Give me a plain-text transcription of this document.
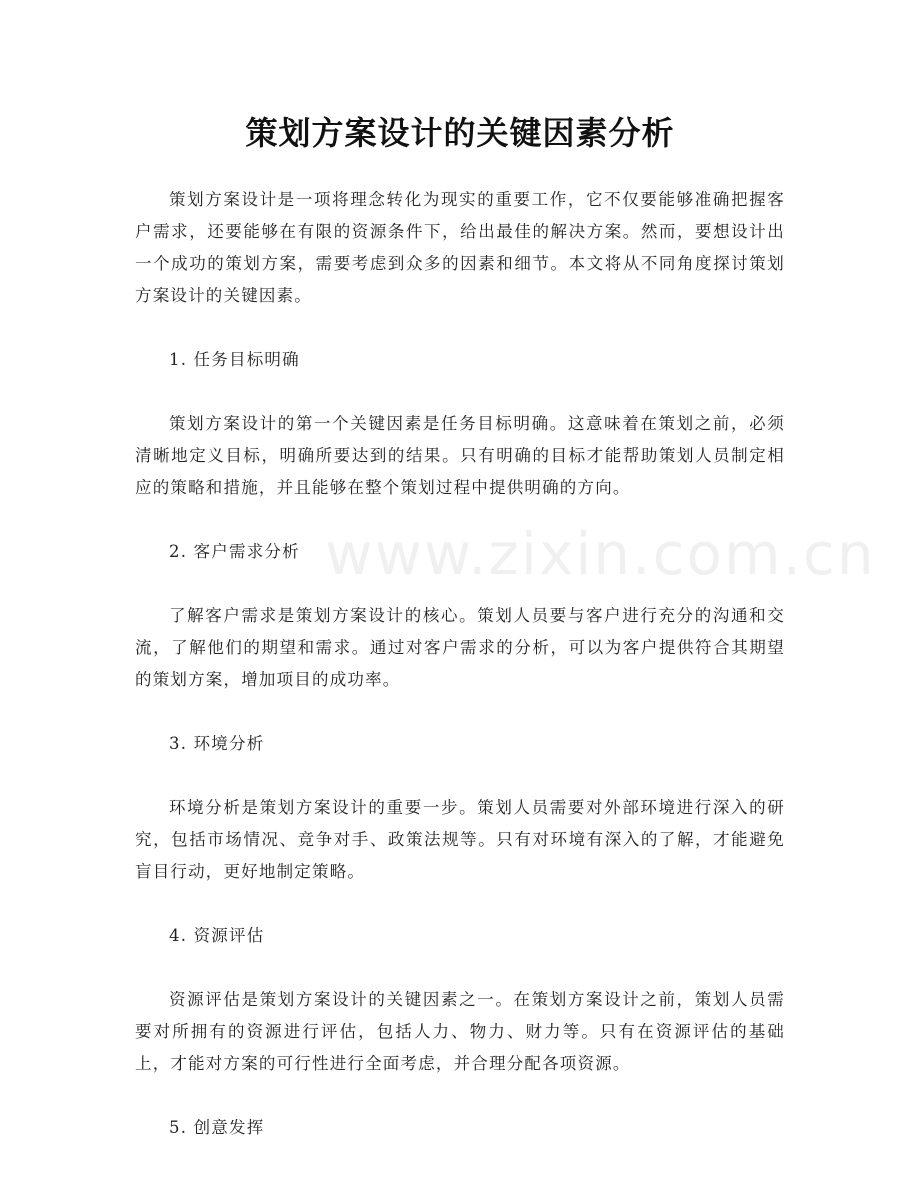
www.zixin.com.cn
策划方案设计的关键因素分析

策划方案设计是一项将理念转化为现实的重要工作，它不仅要能够准确把握客户需求，还要能够在有限的资源条件下，给出最佳的解决方案。然而，要想设计出一个成功的策划方案，需要考虑到众多的因素和细节。本文将从不同角度探讨策划方案设计的关键因素。

1. 任务目标明确

策划方案设计的第一个关键因素是任务目标明确。这意味着在策划之前，必须清晰地定义目标，明确所要达到的结果。只有明确的目标才能帮助策划人员制定相应的策略和措施，并且能够在整个策划过程中提供明确的方向。

2. 客户需求分析

了解客户需求是策划方案设计的核心。策划人员要与客户进行充分的沟通和交流，了解他们的期望和需求。通过对客户需求的分析，可以为客户提供符合其期望的策划方案，增加项目的成功率。

3. 环境分析

环境分析是策划方案设计的重要一步。策划人员需要对外部环境进行深入的研究，包括市场情况、竞争对手、政策法规等。只有对环境有深入的了解，才能避免盲目行动，更好地制定策略。

4. 资源评估

资源评估是策划方案设计的关键因素之一。在策划方案设计之前，策划人员需要对所拥有的资源进行评估，包括人力、物力、财力等。只有在资源评估的基础上，才能对方案的可行性进行全面考虑，并合理分配各项资源。

5. 创意发挥
